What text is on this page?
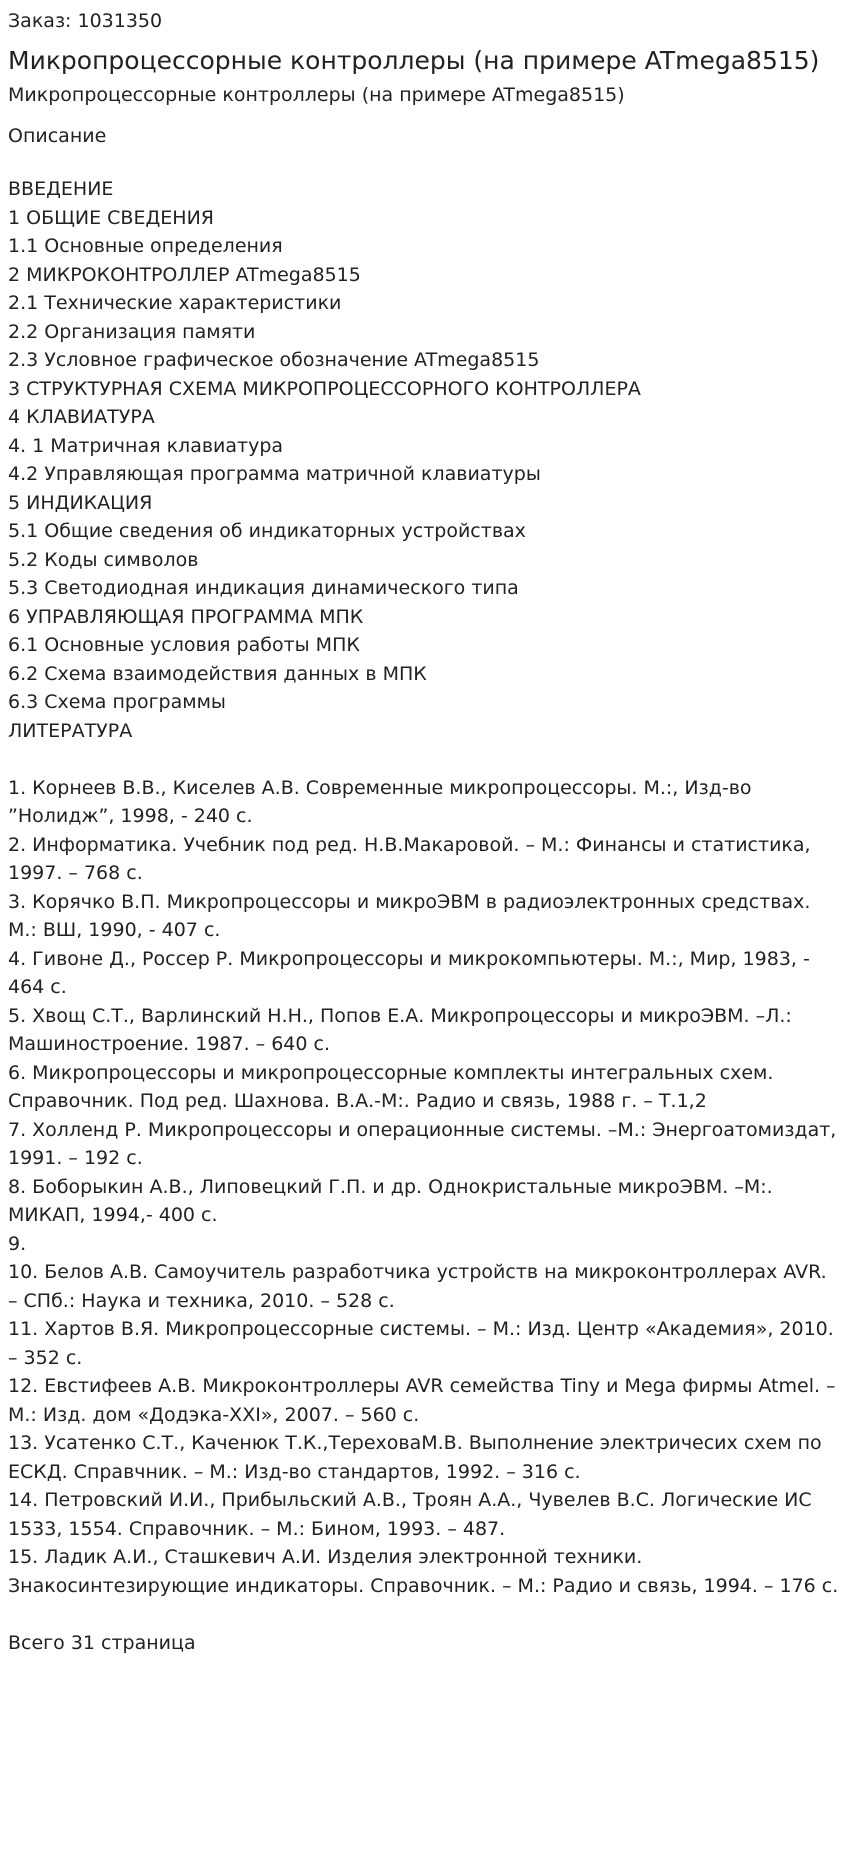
Заказ: 1031350
Микропроцессорные контроллеры (на примере ATmega8515)
Микропроцессорные контроллеры (на примере ATmega8515)
Описание
ВВЕДЕНИЕ
1 ОБЩИЕ СВЕДЕНИЯ
1.1 Основные определения
2 МИКРОКОНТРОЛЛЕР ATmega8515
2.1 Технические характеристики
2.2 Организация памяти
2.3 Условное графическое обозначение ATmega8515
3 СТРУКТУРНАЯ СХЕМА МИКРОПРОЦЕССОРНОГО КОНТРОЛЛЕРА
4 КЛАВИАТУРА
4. 1 Матричная клавиатура
4.2 Управляющая программа матричной клавиатуры
5 ИНДИКАЦИЯ
5.1 Общие сведения об индикаторных устройствах
5.2 Коды символов
5.3 Светодиодная индикация динамического типа
6 УПРАВЛЯЮЩАЯ ПРОГРАММА МПК
6.1 Основные условия работы МПК
6.2 Схема взаимодействия данных в МПК
6.3 Схема программы
ЛИТЕРАТУРА
1. Корнеев В.В., Киселев А.В. Современные микропроцессоры. М.:, Изд-во ”Нолидж”, 1998, - 240 с.
2. Информатика. Учебник под ред. Н.В.Макаровой. – М.: Финансы и статистика, 1997. – 768 с.
3. Корячко В.П. Микропроцессоры и микроЭВМ в радиоэлектронных средствах. М.: ВШ, 1990, - 407 с.
4. Гивоне Д., Россер Р. Микропроцессоры и микрокомпьютеры. М.:, Мир, 1983, - 464 с.
5. Хвощ С.Т., Варлинский Н.Н., Попов Е.А. Микропроцессоры и микроЭВМ. –Л.: Машиностроение. 1987. – 640 с.
6. Микропроцессоры и микропроцессорные комплекты интегральных схем. Справочник. Под ред. Шахнова. В.А.-М:. Радио и связь, 1988 г. – Т.1,2
7. Холленд Р. Микропроцессоры и операционные системы. –М.: Энергоатомиздат, 1991. – 192 с.
8. Боборыкин А.В., Липовецкий Г.П. и др. Однокристальные микроЭВМ. –М:. МИКАП, 1994,- 400 с.
9.
10. Белов А.В. Самоучитель разработчика устройств на микроконтроллерах AVR. – СПб.: Наука и техника, 2010. – 528 с.
11. Хартов В.Я. Микропроцессорные системы. – М.: Изд. Центр «Академия», 2010. – 352 с.
12. Евстифеев А.В. Микроконтроллеры AVR семейства Tiny и Mega фирмы Atmel. – М.: Изд. дом «Додэка-XXI», 2007. – 560 с.
13. Усатенко С.Т., Каченюк Т.К.,ТереховаМ.В. Выполнение электричесих схем по ЕСКД. Справчник. – М.: Изд-во стандартов, 1992. – 316 с.
14. Петровский И.И., Прибыльский А.В., Троян А.А., Чувелев В.С. Логические ИС 1533, 1554. Справочник. – М.: Бином, 1993. – 487.
15. Ладик А.И., Сташкевич А.И. Изделия электронной техники. Знакосинтезирующие индикаторы. Справочник. – М.: Радио и связь, 1994. – 176 с.
Всего 31 страница
